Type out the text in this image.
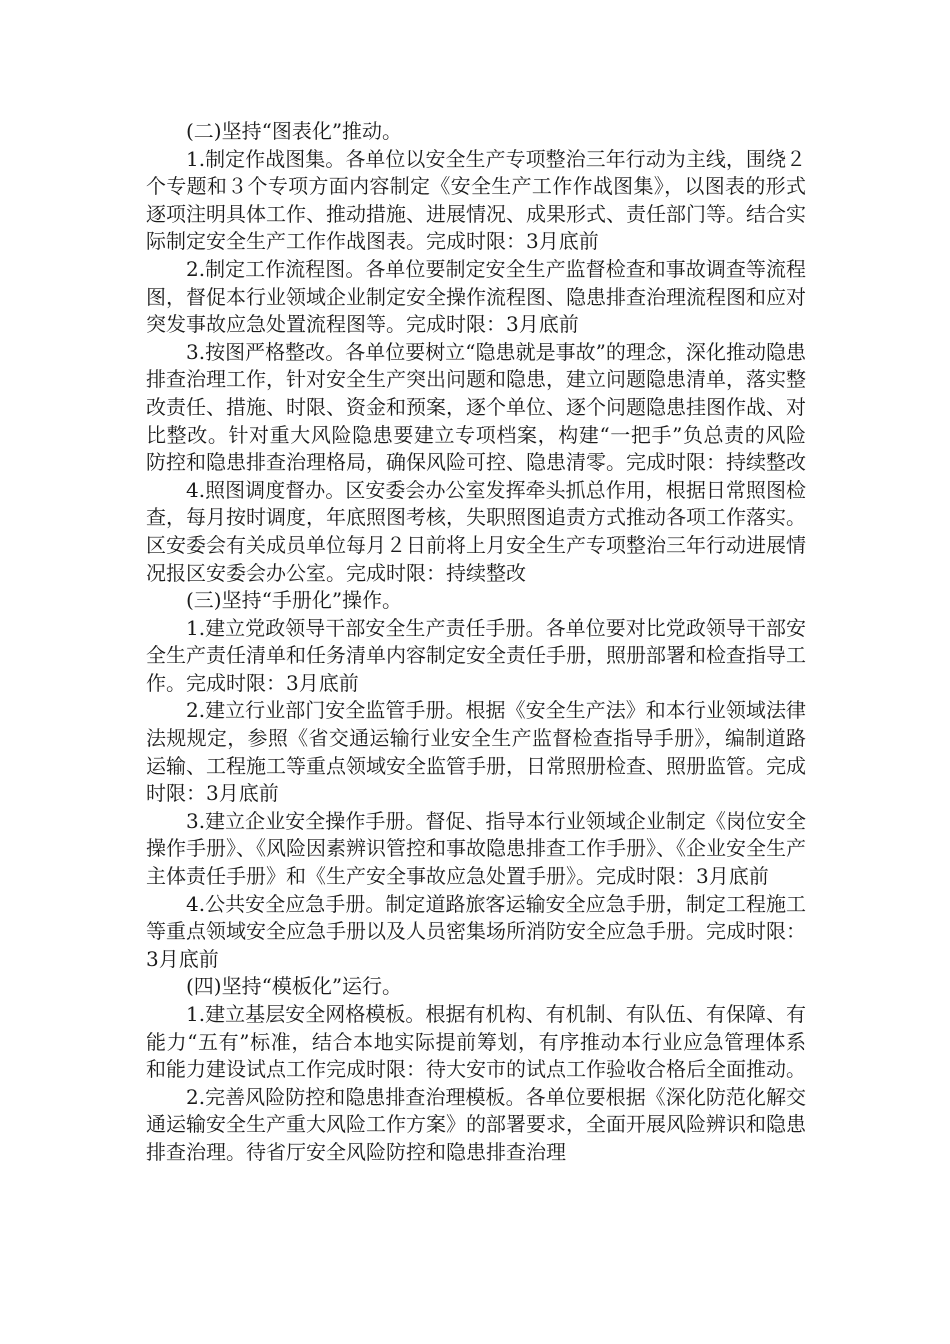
(二)坚持“图表化”推动。

1.制定作战图集。各单位以安全生产专项整治三年行动为主线，围绕２个专题和３个专项方面内容制定《安全生产工作作战图集》，以图表的形式逐项注明具体工作、推动措施、进展情况、成果形式、责任部门等。结合实际制定安全生产工作作战图表。完成时限：3月底前

2.制定工作流程图。各单位要制定安全生产监督检查和事故调查等流程图，督促本行业领域企业制定安全操作流程图、隐患排查治理流程图和应对突发事故应急处置流程图等。完成时限：3月底前

3.按图严格整改。各单位要树立“隐患就是事故”的理念，深化推动隐患排查治理工作，针对安全生产突出问题和隐患，建立问题隐患清单，落实整改责任、措施、时限、资金和预案，逐个单位、逐个问题隐患挂图作战、对比整改。针对重大风险隐患要建立专项档案，构建“一把手”负总责的风险防控和隐患排查治理格局，确保风险可控、隐患清零。完成时限：持续整改

4.照图调度督办。区安委会办公室发挥牵头抓总作用，根据日常照图检查，每月按时调度，年底照图考核，失职照图追责方式推动各项工作落实。区安委会有关成员单位每月２日前将上月安全生产专项整治三年行动进展情况报区安委会办公室。完成时限：持续整改

(三)坚持“手册化”操作。

1.建立党政领导干部安全生产责任手册。各单位要对比党政领导干部安全生产责任清单和任务清单内容制定安全责任手册，照册部署和检查指导工作。完成时限：3月底前

2.建立行业部门安全监管手册。根据《安全生产法》和本行业领域法律法规规定，参照《省交通运输行业安全生产监督检查指导手册》，编制道路运输、工程施工等重点领域安全监管手册，日常照册检查、照册监管。完成时限：3月底前

3.建立企业安全操作手册。督促、指导本行业领域企业制定《岗位安全操作手册》、《风险因素辨识管控和事故隐患排查工作手册》、《企业安全生产主体责任手册》和《生产安全事故应急处置手册》。完成时限：3月底前

4.公共安全应急手册。制定道路旅客运输安全应急手册，制定工程施工等重点领域安全应急手册以及人员密集场所消防安全应急手册。完成时限：3月底前

(四)坚持“模板化”运行。

1.建立基层安全网格模板。根据有机构、有机制、有队伍、有保障、有能力“五有”标准，结合本地实际提前筹划，有序推动本行业应急管理体系和能力建设试点工作完成时限：待大安市的试点工作验收合格后全面推动。

2.完善风险防控和隐患排查治理模板。各单位要根据《深化防范化解交通运输安全生产重大风险工作方案》的部署要求，全面开展风险辨识和隐患排查治理。待省厅安全风险防控和隐患排查治理
